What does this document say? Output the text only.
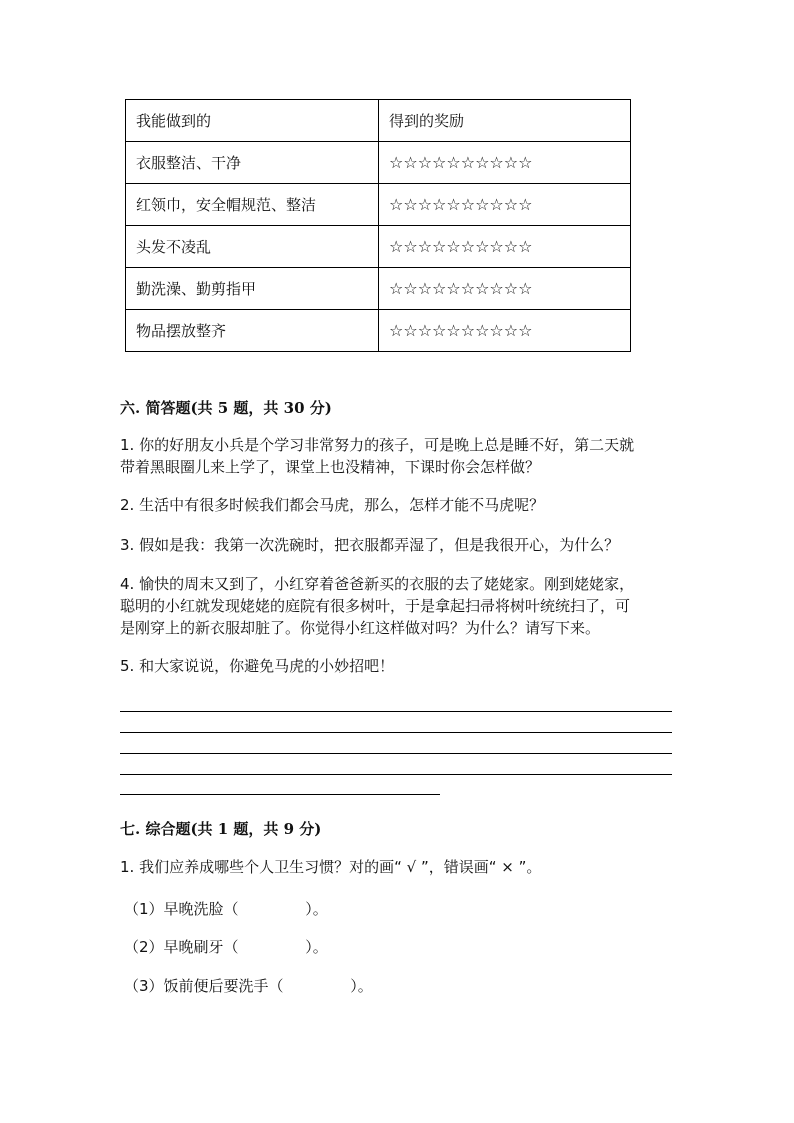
我能做到的	得到的奖励
衣服整洁、干净	☆☆☆☆☆☆☆☆☆☆
红领巾，安全帽规范、整洁	☆☆☆☆☆☆☆☆☆☆
头发不凌乱	☆☆☆☆☆☆☆☆☆☆
勤洗澡、勤剪指甲	☆☆☆☆☆☆☆☆☆☆
物品摆放整齐	☆☆☆☆☆☆☆☆☆☆
六. 简答题(共 5 题，共 30 分)
1. 你的好朋友小兵是个学习非常努力的孩子，可是晚上总是睡不好，第二天就
带着黑眼圈儿来上学了，课堂上也没精神，下课时你会怎样做？
2. 生活中有很多时候我们都会马虎，那么，怎样才能不马虎呢？
3. 假如是我：我第一次洗碗时，把衣服都弄湿了，但是我很开心，为什么？
4. 愉快的周末又到了，小红穿着爸爸新买的衣服的去了姥姥家。刚到姥姥家，
聪明的小红就发现姥姥的庭院有很多树叶，于是拿起扫帚将树叶统统扫了，可
是刚穿上的新衣服却脏了。你觉得小红这样做对吗？为什么？请写下来。
5. 和大家说说，你避免马虎的小妙招吧！
七. 综合题(共 1 题，共 9 分)
1. 我们应养成哪些个人卫生习惯？对的画“ √ ”，错误画“ × ”。
（1）早晚洗脸（              ）。
（2）早晚刷牙（              ）。
（3）饭前便后要洗手（              ）。
